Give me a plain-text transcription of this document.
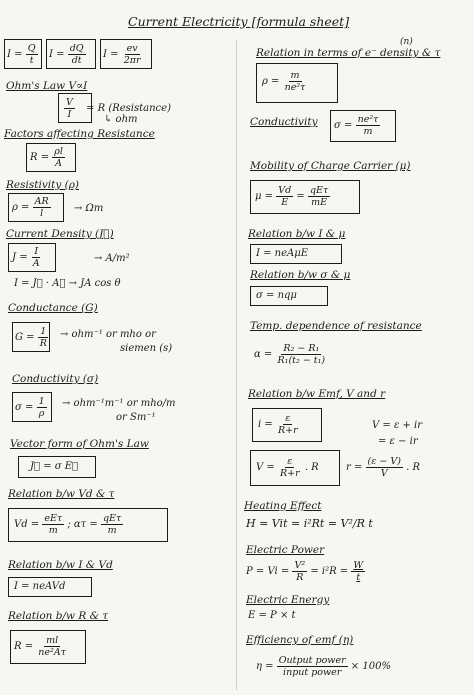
Current Electricity [formula sheet]
$I = \frac{Q}{t}$ $I = \frac{dQ}{dt}$ $I = \frac{ev}{2\pi r}$
Ohm's Law V∝I
$\frac{V}{I} = R$ (Resistance)
↳ ohm
Factors affecting Resistance
$R = \frac{\rho l}{A}$
Resistivity (ρ)
$\rho = \frac{AR}{l} \to \Omega m$
Current Density (J⃗)
$J = \frac{I}{A}$	→ A/m²
I = J⃗ · A⃗ → JA cos θ
Conductance (G)
$G = \frac{1}{R} \to ohm^{-1}$ or mho or
siemen (s)
Conductivity (σ)
$\sigma = \frac{1}{\rho} \to ohm^{-1}m^{-1}$ or mho/m
or Sm⁻¹
Vector form of Ohm's Law
J⃗ = σ E⃗
Relation b/w Vd & τ
$Vd = \frac{\text{eEτ}}{m}$ ; $\alpha\tau = \frac{\text{qEτ}}{m}$
Relation b/w I & Vd
I = neAVd
Relation b/w R & τ
$R = \frac{ml}{\text{ne²Aτ}}$
(n)
Relation in terms of e⁻ density & τ
$\rho = \frac{m}{\text{ne²τ}}$
Conductivity $\sigma = \frac{\text{ne²τ}}{m}$
Mobility of Charge Carrier (μ)
$\mu = \frac{Vd}{E} = \frac{\text{qEτ}}{mE}$
Relation b/w I & μ
I = neAμE
Relation b/w σ & μ
σ = nqμ
Temp. dependence of resistance
$\alpha = \frac{\text{R₂ − R₁}}{\text{R₁(t₂ − t₁)}}$
Relation b/w Emf, V and r
$i = \frac{\varepsilon}{R+r}$	V = ε + ir
= ε − ir
$V = \frac{\varepsilon}{R+r}$ . R	$r = \frac{(\varepsilon - V)}{V}$ . R
Heating Effect
H = Vit = i²Rt = V²/R t
Electric Power
$P = Vi = \frac{\text{V²}}{R} = i^2R = \frac{W}{t}$
Electric Energy
E = P × t
Efficiency of emf (η)
$\eta = \frac{\text{Output power}}{\text{input power}} \times 100\%$
